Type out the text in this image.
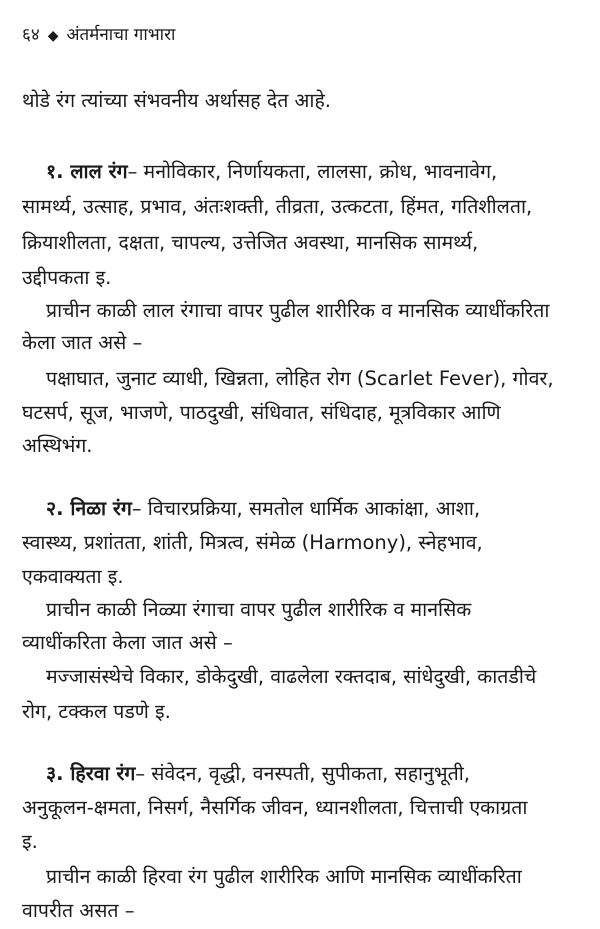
६४ ◆ अंतर्मनाचा गाभारा
थोडे रंग त्यांच्या संभवनीय अर्थासह देत आहे.
१. लाल रंग– मनोविकार, निर्णायकता, लालसा, क्रोध, भावनावेग,
सामर्थ्य, उत्साह, प्रभाव, अंतःशक्ती, तीव्रता, उत्कटता, हिंमत, गतिशीलता,
क्रियाशीलता, दक्षता, चापल्य, उत्तेजित अवस्था, मानसिक सामर्थ्य,
उद्दीपकता इ.
प्राचीन काळी लाल रंगाचा वापर पुढील शारीरिक व मानसिक व्याधींकरिता
केला जात असे –
पक्षाघात, जुनाट व्याधी, खिन्नता, लोहित रोग (Scarlet Fever), गोवर,
घटसर्प, सूज, भाजणे, पाठदुखी, संधिवात, संधिदाह, मूत्रविकार आणि
अस्थिभंग.
२. निळा रंग– विचारप्रक्रिया, समतोल धार्मिक आकांक्षा, आशा,
स्वास्थ्य, प्रशांतता, शांती, मित्रत्व, संमेळ (Harmony), स्नेहभाव,
एकवाक्यता इ.
प्राचीन काळी निळ्या रंगाचा वापर पुढील शारीरिक व मानसिक
व्याधींकरिता केला जात असे –
मज्जासंस्थेचे विकार, डोकेदुखी, वाढलेला रक्तदाब, सांधेदुखी, कातडीचे
रोग, टक्कल पडणे इ.
३. हिरवा रंग– संवेदन, वृद्धी, वनस्पती, सुपीकता, सहानुभूती,
अनुकूलन-क्षमता, निसर्ग, नैसर्गिक जीवन, ध्यानशीलता, चित्ताची एकाग्रता
इ.
प्राचीन काळी हिरवा रंग पुढील शारीरिक आणि मानसिक व्याधींकरिता
वापरीत असत –
